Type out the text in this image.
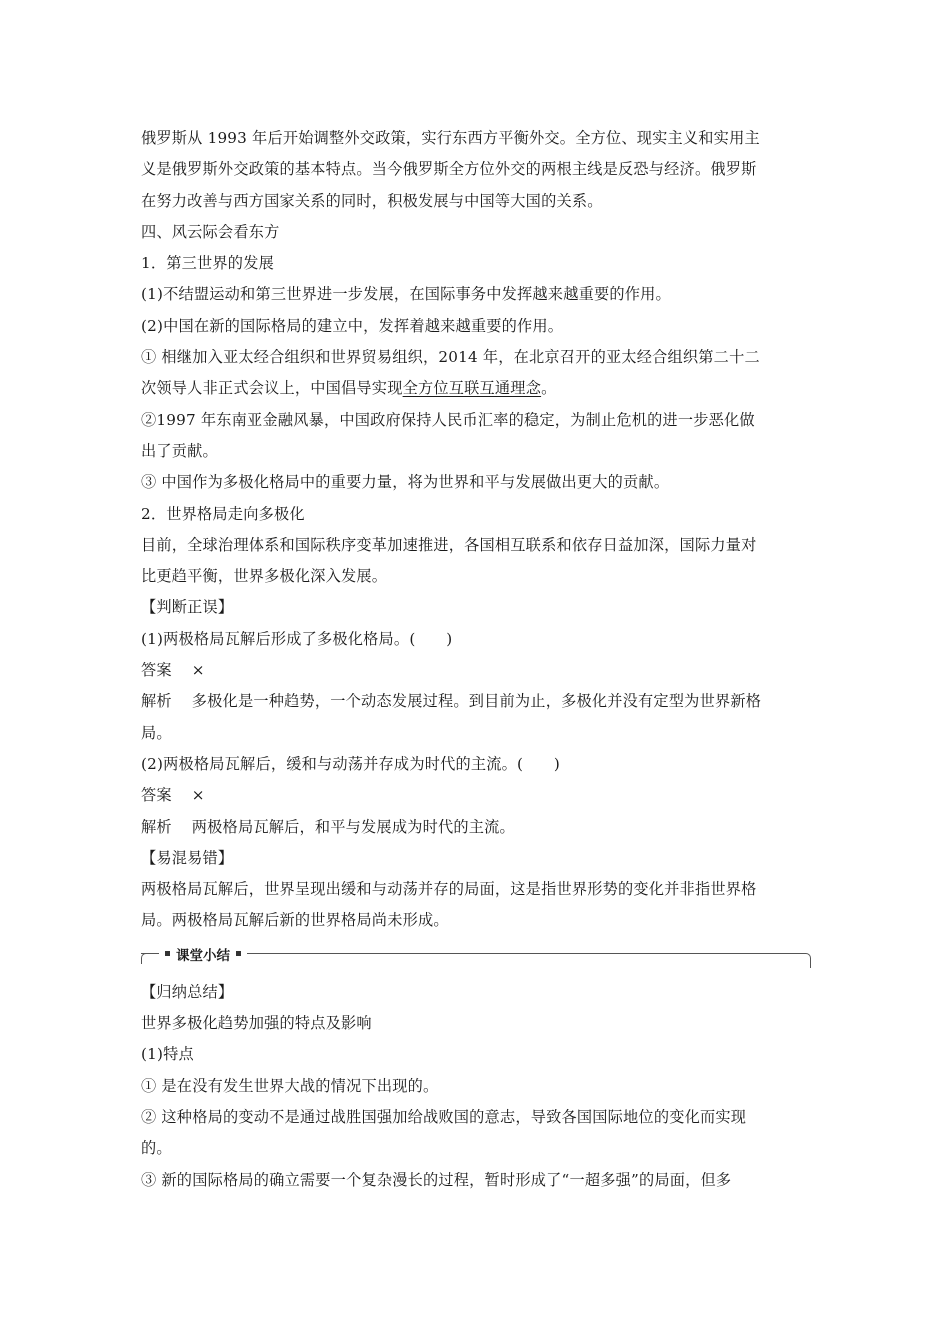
俄罗斯从 1993 年后开始调整外交政策，实行东西方平衡外交。全方位、现实主义和实用主
义是俄罗斯外交政策的基本特点。当今俄罗斯全方位外交的两根主线是反恐与经济。俄罗斯
在努力改善与西方国家关系的同时，积极发展与中国等大国的关系。
四、风云际会看东方
1．第三世界的发展
(1)不结盟运动和第三世界进一步发展，在国际事务中发挥越来越重要的作用。
(2)中国在新的国际格局的建立中，发挥着越来越重要的作用。
① 相继加入亚太经合组织和世界贸易组织，2014 年，在北京召开的亚太经合组织第二十二
次领导人非正式会议上，中国倡导实现全方位互联互通理念。
②1997 年东南亚金融风暴，中国政府保持人民币汇率的稳定，为制止危机的进一步恶化做
出了贡献。
③ 中国作为多极化格局中的重要力量，将为世界和平与发展做出更大的贡献。
2．世界格局走向多极化
目前，全球治理体系和国际秩序变革加速推进，各国相互联系和依存日益加深，国际力量对
比更趋平衡，世界多极化深入发展。
【判断正误】
(1)两极格局瓦解后形成了多极化格局。(　　)
答案 ×
解析 多极化是一种趋势，一个动态发展过程。到目前为止，多极化并没有定型为世界新格
局。
(2)两极格局瓦解后，缓和与动荡并存成为时代的主流。(　　)
答案 ×
解析 两极格局瓦解后，和平与发展成为时代的主流。
【易混易错】
两极格局瓦解后，世界呈现出缓和与动荡并存的局面，这是指世界形势的变化并非指世界格
局。两极格局瓦解后新的世界格局尚未形成。
课堂小结
【归纳总结】
世界多极化趋势加强的特点及影响
(1)特点
① 是在没有发生世界大战的情况下出现的。
② 这种格局的变动不是通过战胜国强加给战败国的意志，导致各国国际地位的变化而实现
的。
③ 新的国际格局的确立需要一个复杂漫长的过程，暂时形成了“一超多强”的局面，但多
